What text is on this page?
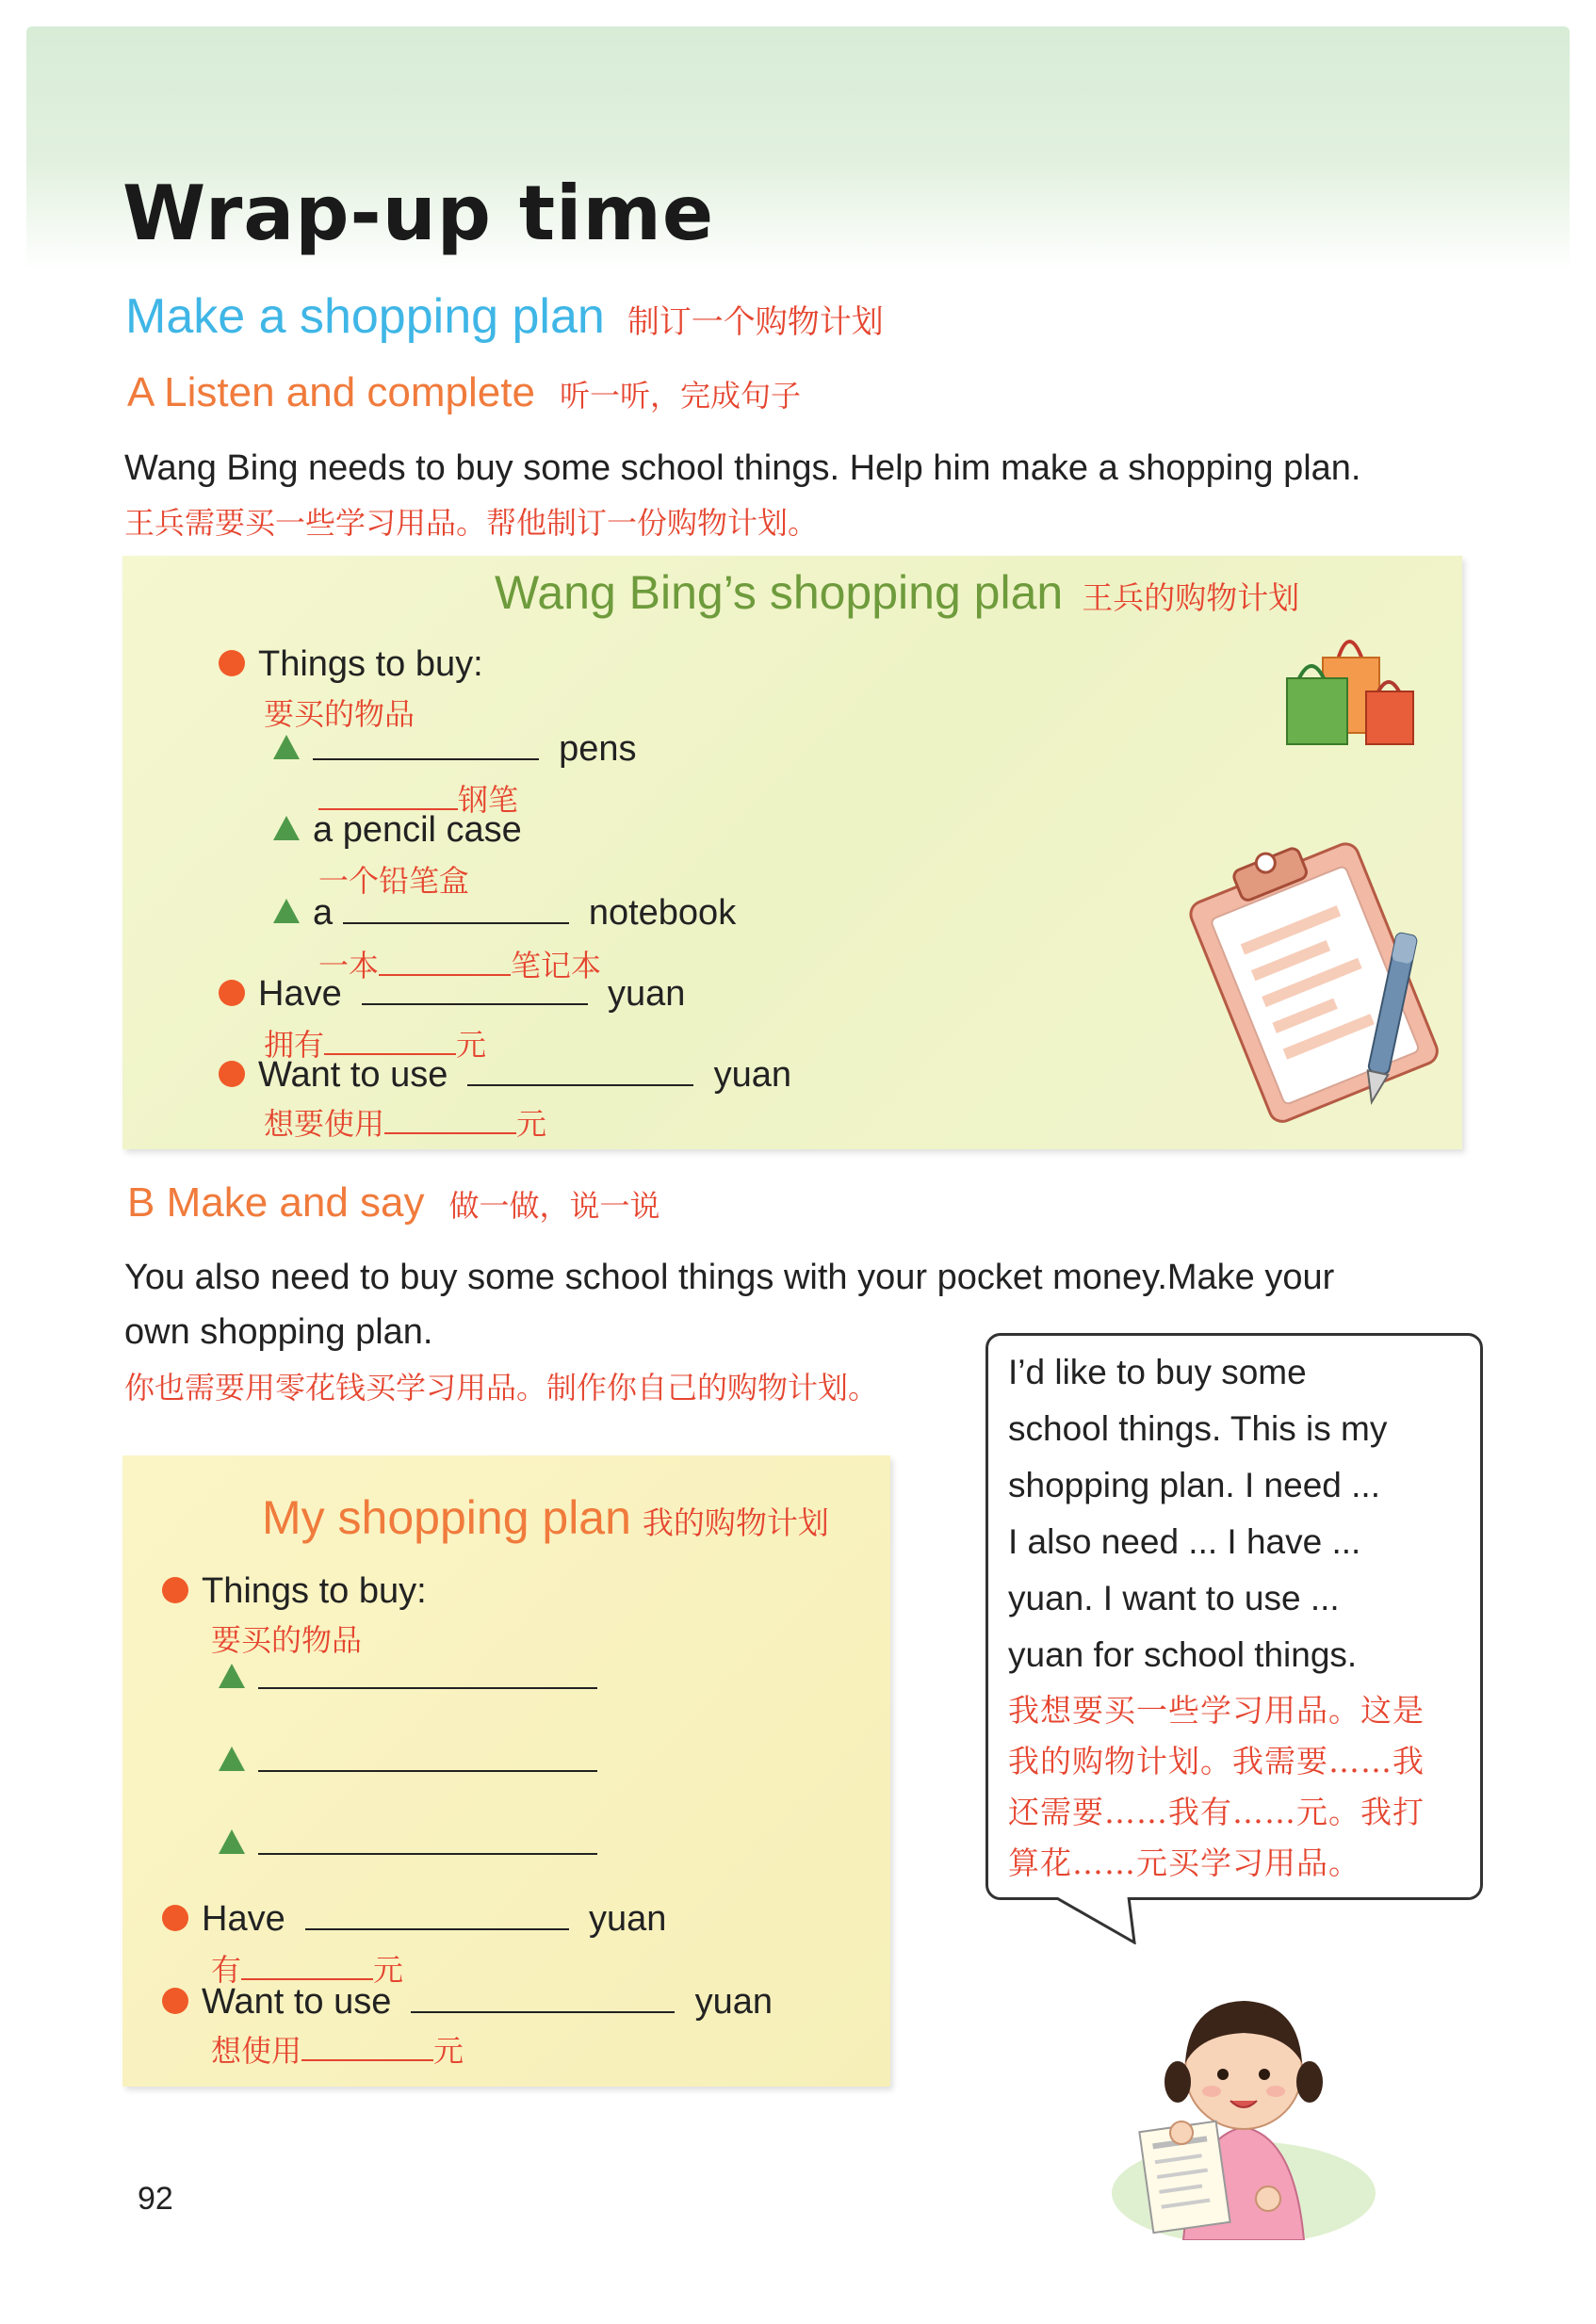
Wrap-up time
Make a shopping plan 制订一个购物计划
A Listen and complete 听一听，完成句子
Wang Bing needs to buy some school things. Help him make a shopping plan.
王兵需要买一些学习用品。帮他制订一份购物计划。
Wang Bing’s shopping plan 王兵的购物计划
Things to buy:
要买的物品
pens
钢笔
a pencil case
一个铅笔盒
a	notebook
一本	笔记本
Have	yuan
拥有	元
Want to use	yuan
想要使用	元
B Make and say 做一做，说一说
You also need to buy some school things with your pocket money.Make your
own shopping plan.
你也需要用零花钱买学习用品。制作你自己的购物计划。
My shopping plan 我的购物计划
Things to buy:
要买的物品
Have	yuan
有	元
Want to use	yuan
想使用	元
I’d like to buy some
school things. This is my
shopping plan. I need ...
I also need ... I have ...
yuan. I want to use ...
yuan for school things.
我想要买一些学习用品。这是
我的购物计划。我需要……我
还需要……我有……元。我打
算花……元买学习用品。
92
